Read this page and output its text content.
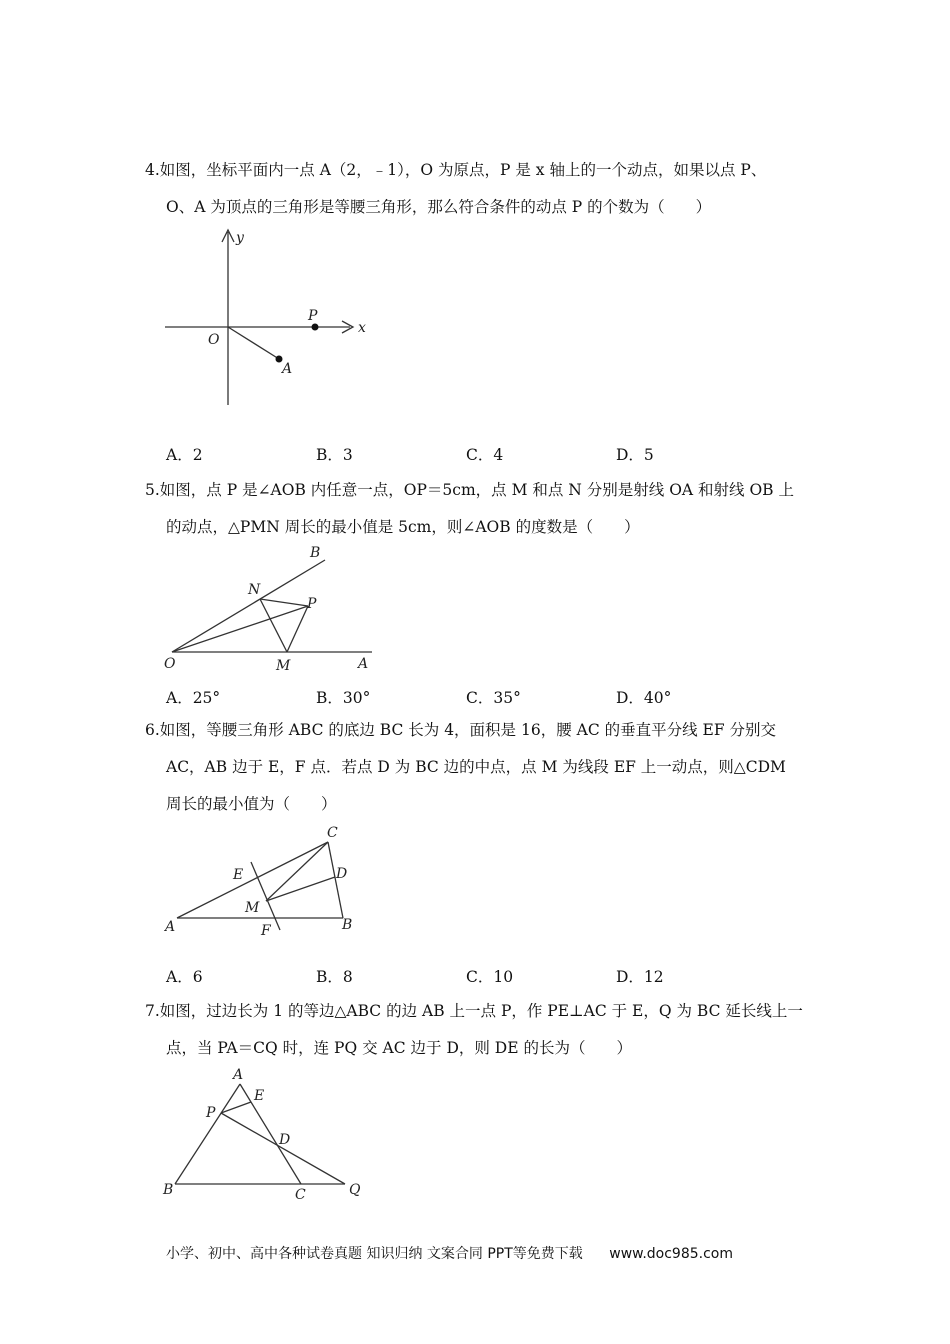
4.如图，坐标平面内一点 A（2，﹣1），O 为原点，P 是 x 轴上的一个动点，如果以点 P、
O、A 为顶点的三角形是等腰三角形，那么符合条件的动点 P 的个数为（　　）
y
x
O
P
A
A．2	B．3	C．4	D．5
5.如图，点 P 是∠AOB 内任意一点，OP＝5cm，点 M 和点 N 分别是射线 OA 和射线 OB 上
的动点，△PMN 周长的最小值是 5cm，则∠AOB 的度数是（　　）
B
N
P
O	M	A
A．25°	B．30°	C．35°	D．40°
6.如图，等腰三角形 ABC 的底边 BC 长为 4，面积是 16，腰 AC 的垂直平分线 EF 分别交
AC，AB 边于 E，F 点．若点 D 为 BC 边的中点，点 M 为线段 EF 上一动点，则△CDM
周长的最小值为（　　）
C
E	D
M
A	F	B
A．6	B．8	C．10	D．12
7.如图，过边长为 1 的等边△ABC 的边 AB 上一点 P，作 PE⊥AC 于 E，Q 为 BC 延长线上一
点，当 PA＝CQ 时，连 PQ 交 AC 边于 D，则 DE 的长为（　　）
A
E
P
D
B	C	Q
小学、初中、高中各种试卷真题 知识归纳 文案合同 PPT等免费下载 www.doc985.com
